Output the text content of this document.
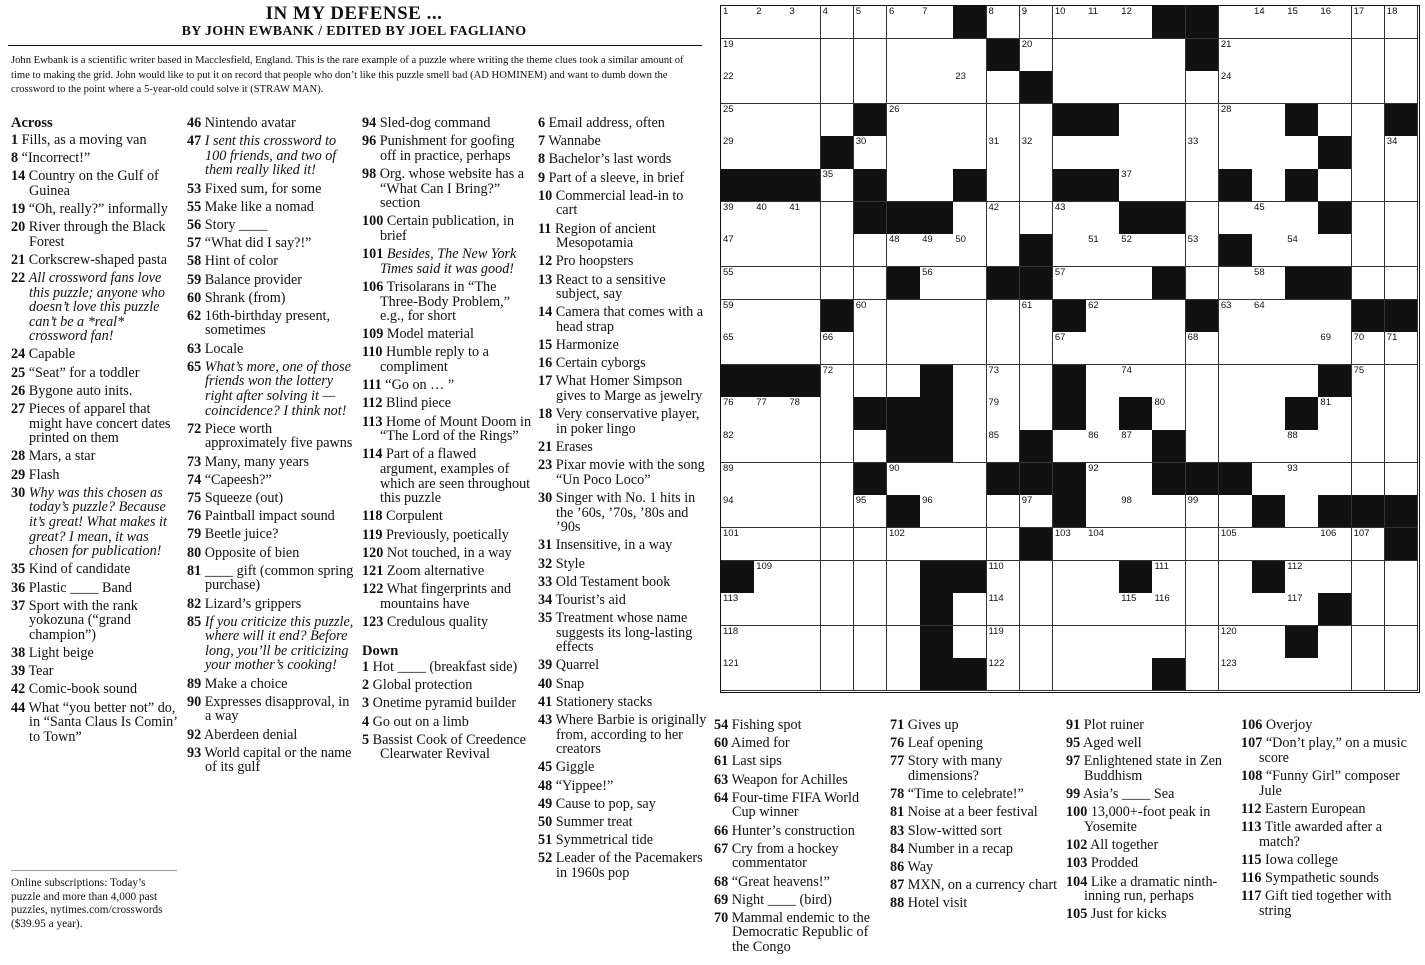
IN MY DEFENSE ...
BY JOHN EWBANK / EDITED BY JOEL FAGLIANO
John Ewbank is a scientific writer based in Macclesfield, England. This is the rare example of a puzzle where writing the theme clues took a similar amount of time to making the grid. John would like to put it on record that people who don’t like this puzzle smell bad (AD HOMINEM) and want to dumb down the crossword to the point where a 5-year-old could solve it (STRAW MAN).
Across
1 Fills, as a moving van
8 “Incorrect!”
14 Country on the Gulf of Guinea
19 “Oh, really?” informally
20 River through the Black Forest
21 Corkscrew-shaped pasta
22 All crossword fans love this puzzle; anyone who doesn’t love this puzzle can’t be a *real* crossword fan!
24 Capable
25 “Seat” for a toddler
26 Bygone auto inits.
27 Pieces of apparel that might have concert dates printed on them
28 Mars, a star
29 Flash
30 Why was this chosen as today’s puzzle? Because it’s great! What makes it great? I mean, it was chosen for publication!
35 Kind of candidate
36 Plastic ____ Band
37 Sport with the rank yokozuna (“grand champion”)
38 Light beige
39 Tear
42 Comic-book sound
44 What “you better not” do, in “Santa Claus Is Comin’ to Town”
46 Nintendo avatar
47 I sent this crossword to 100 friends, and two of them really liked it!
53 Fixed sum, for some
55 Make like a nomad
56 Story ____
57 “What did I say?!”
58 Hint of color
59 Balance provider
60 Shrank (from)
62 16th-birthday present, sometimes
63 Locale
65 What’s more, one of those friends won the lottery right after solving it — coincidence? I think not!
72 Piece worth approximately five pawns
73 Many, many years
74 “Capeesh?”
75 Squeeze (out)
76 Paintball impact sound
79 Beetle juice?
80 Opposite of bien
81 ____ gift (common spring purchase)
82 Lizard’s grippers
85 If you criticize this puzzle, where will it end? Before long, you’ll be criticizing your mother’s cooking!
89 Make a choice
90 Expresses disapproval, in a way
92 Aberdeen denial
93 World capital or the name of its gulf
94 Sled-dog command
96 Punishment for goofing off in practice, perhaps
98 Org. whose website has a “What Can I Bring?” section
100 Certain publication, in brief
101 Besides, The New York Times said it was good!
106 Trisolarans in “The Three-Body Problem,” e.g., for short
109 Model material
110 Humble reply to a compliment
111 “Go on … ”
112 Blind piece
113 Home of Mount Doom in “The Lord of the Rings”
114 Part of a flawed argument, examples of which are seen throughout this puzzle
118 Corpulent
119 Previously, poetically
120 Not touched, in a way
121 Zoom alternative
122 What fingerprints and mountains have
123 Credulous quality
Down
1 Hot ____ (breakfast side)
2 Global protection
3 Onetime pyramid builder
4 Go out on a limb
5 Bassist Cook of Creedence Clearwater Revival
6 Email address, often
7 Wannabe
8 Bachelor’s last words
9 Part of a sleeve, in brief
10 Commercial lead-in to cart
11 Region of ancient Mesopotamia
12 Pro hoopsters
13 React to a sensitive subject, say
14 Camera that comes with a head strap
15 Harmonize
16 Certain cyborgs
17 What Homer Simpson gives to Marge as jewelry
18 Very conservative player, in poker lingo
21 Erases
23 Pixar movie with the song “Un Poco Loco”
30 Singer with No. 1 hits in the ’60s, ’70s, ’80s and ’90s
31 Insensitive, in a way
32 Style
33 Old Testament book
34 Tourist’s aid
35 Treatment whose name suggests its long-lasting effects
39 Quarrel
40 Snap
41 Stationery stacks
43 Where Barbie is originally from, according to her creators
45 Giggle
48 “Yippee!”
49 Cause to pop, say
50 Summer treat
51 Symmetrical tide
52 Leader of the Pacemakers in 1960s pop
54 Fishing spot
60 Aimed for
61 Last sips
63 Weapon for Achilles
64 Four-time FIFA World Cup winner
66 Hunter’s construction
67 Cry from a hockey commentator
68 “Great heavens!”
69 Night ____ (bird)
70 Mammal endemic to the Democratic Republic of the Congo
71 Gives up
76 Leaf opening
77 Story with many dimensions?
78 “Time to celebrate!”
81 Noise at a beer festival
83 Slow-witted sort
84 Number in a recap
86 Way
87 MXN, on a currency chart
88 Hotel visit
91 Plot ruiner
95 Aged well
97 Enlightened state in Zen Buddhism
99 Asia’s ____ Sea
100 13,000+-foot peak in Yosemite
102 All together
103 Prodded
104 Like a dramatic ninth-inning run, perhaps
105 Just for kicks
106 Overjoy
107 “Don’t play,” on a music score
108 “Funny Girl” composer Jule
112 Eastern European
113 Title awarded after a match?
115 Iowa college
116 Sympathetic sounds
117 Gift tied together with string
Online subscriptions: Today’s puzzle and more than 4,000 past puzzles, nytimes.com/crosswords ($39.95 a year).
1	2	3	4	5	6	7	8	9	10 11 12	14 15 16 17 18
19	20	21
22	23	24
25	26	28
29	30	31 32	33	34
35	37
39 40 41	42	43	45
47	48 49 50	51 52	53	54
55	56	57	58
59	60	61	62	63 64
65	66	67	68	69 70 71
72	73	74	75
76 77 78	79	80	81
82	85	86 87	88
89	90	92	93
94	95	96	97	98	99
101	102	103 104	105	106 107
109	110	111	112
113	114	115 116	117
118	119	120
121	122	123
